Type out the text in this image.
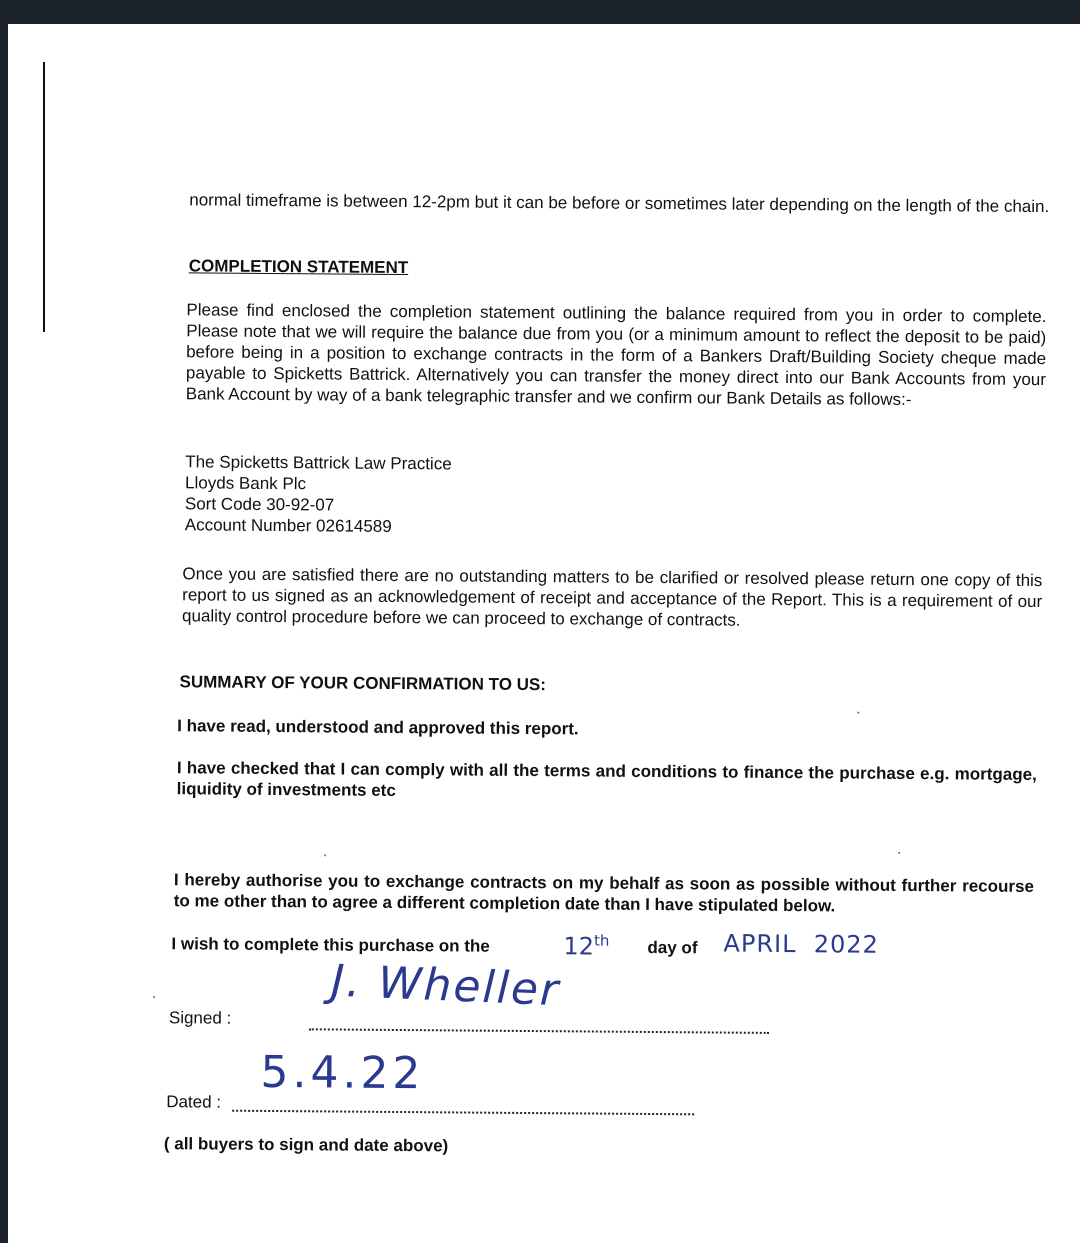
normal timeframe is between 12-2pm but it can be before or sometimes later depending on the length of the chain.

COMPLETION STATEMENT

Please find enclosed the completion statement outlining the balance required from you in order to complete. Please note that we will require the balance due from you (or a minimum amount to reflect the deposit to be paid) before being in a position to exchange contracts in the form of a Bankers Draft/Building Society cheque made payable to Spicketts Battrick. Alternatively you can transfer the money direct into our Bank Accounts from your Bank Account by way of a bank telegraphic transfer and we confirm our Bank Details as follows:-

The Spicketts Battrick Law Practice
Lloyds Bank Plc
Sort Code 30-92-07
Account Number 02614589

Once you are satisfied there are no outstanding matters to be clarified or resolved please return one copy of this report to us signed as an acknowledgement of receipt and acceptance of the Report. This is a requirement of our quality control procedure before we can proceed to exchange of contracts.

SUMMARY OF YOUR CONFIRMATION TO US:

I have read, understood and approved this report.

I have checked that I can comply with all the terms and conditions to finance the purchase e.g. mortgage, liquidity of investments etc

I hereby authorise you to exchange contracts on my behalf as soon as possible without further recourse to me other than to agree a different completion date than I have stipulated below.

I wish to complete this purchase on the	12th day of APRIL  2022
Signed :
J. Wheller
Dated :
5.4.22
( all buyers to sign and date above)
